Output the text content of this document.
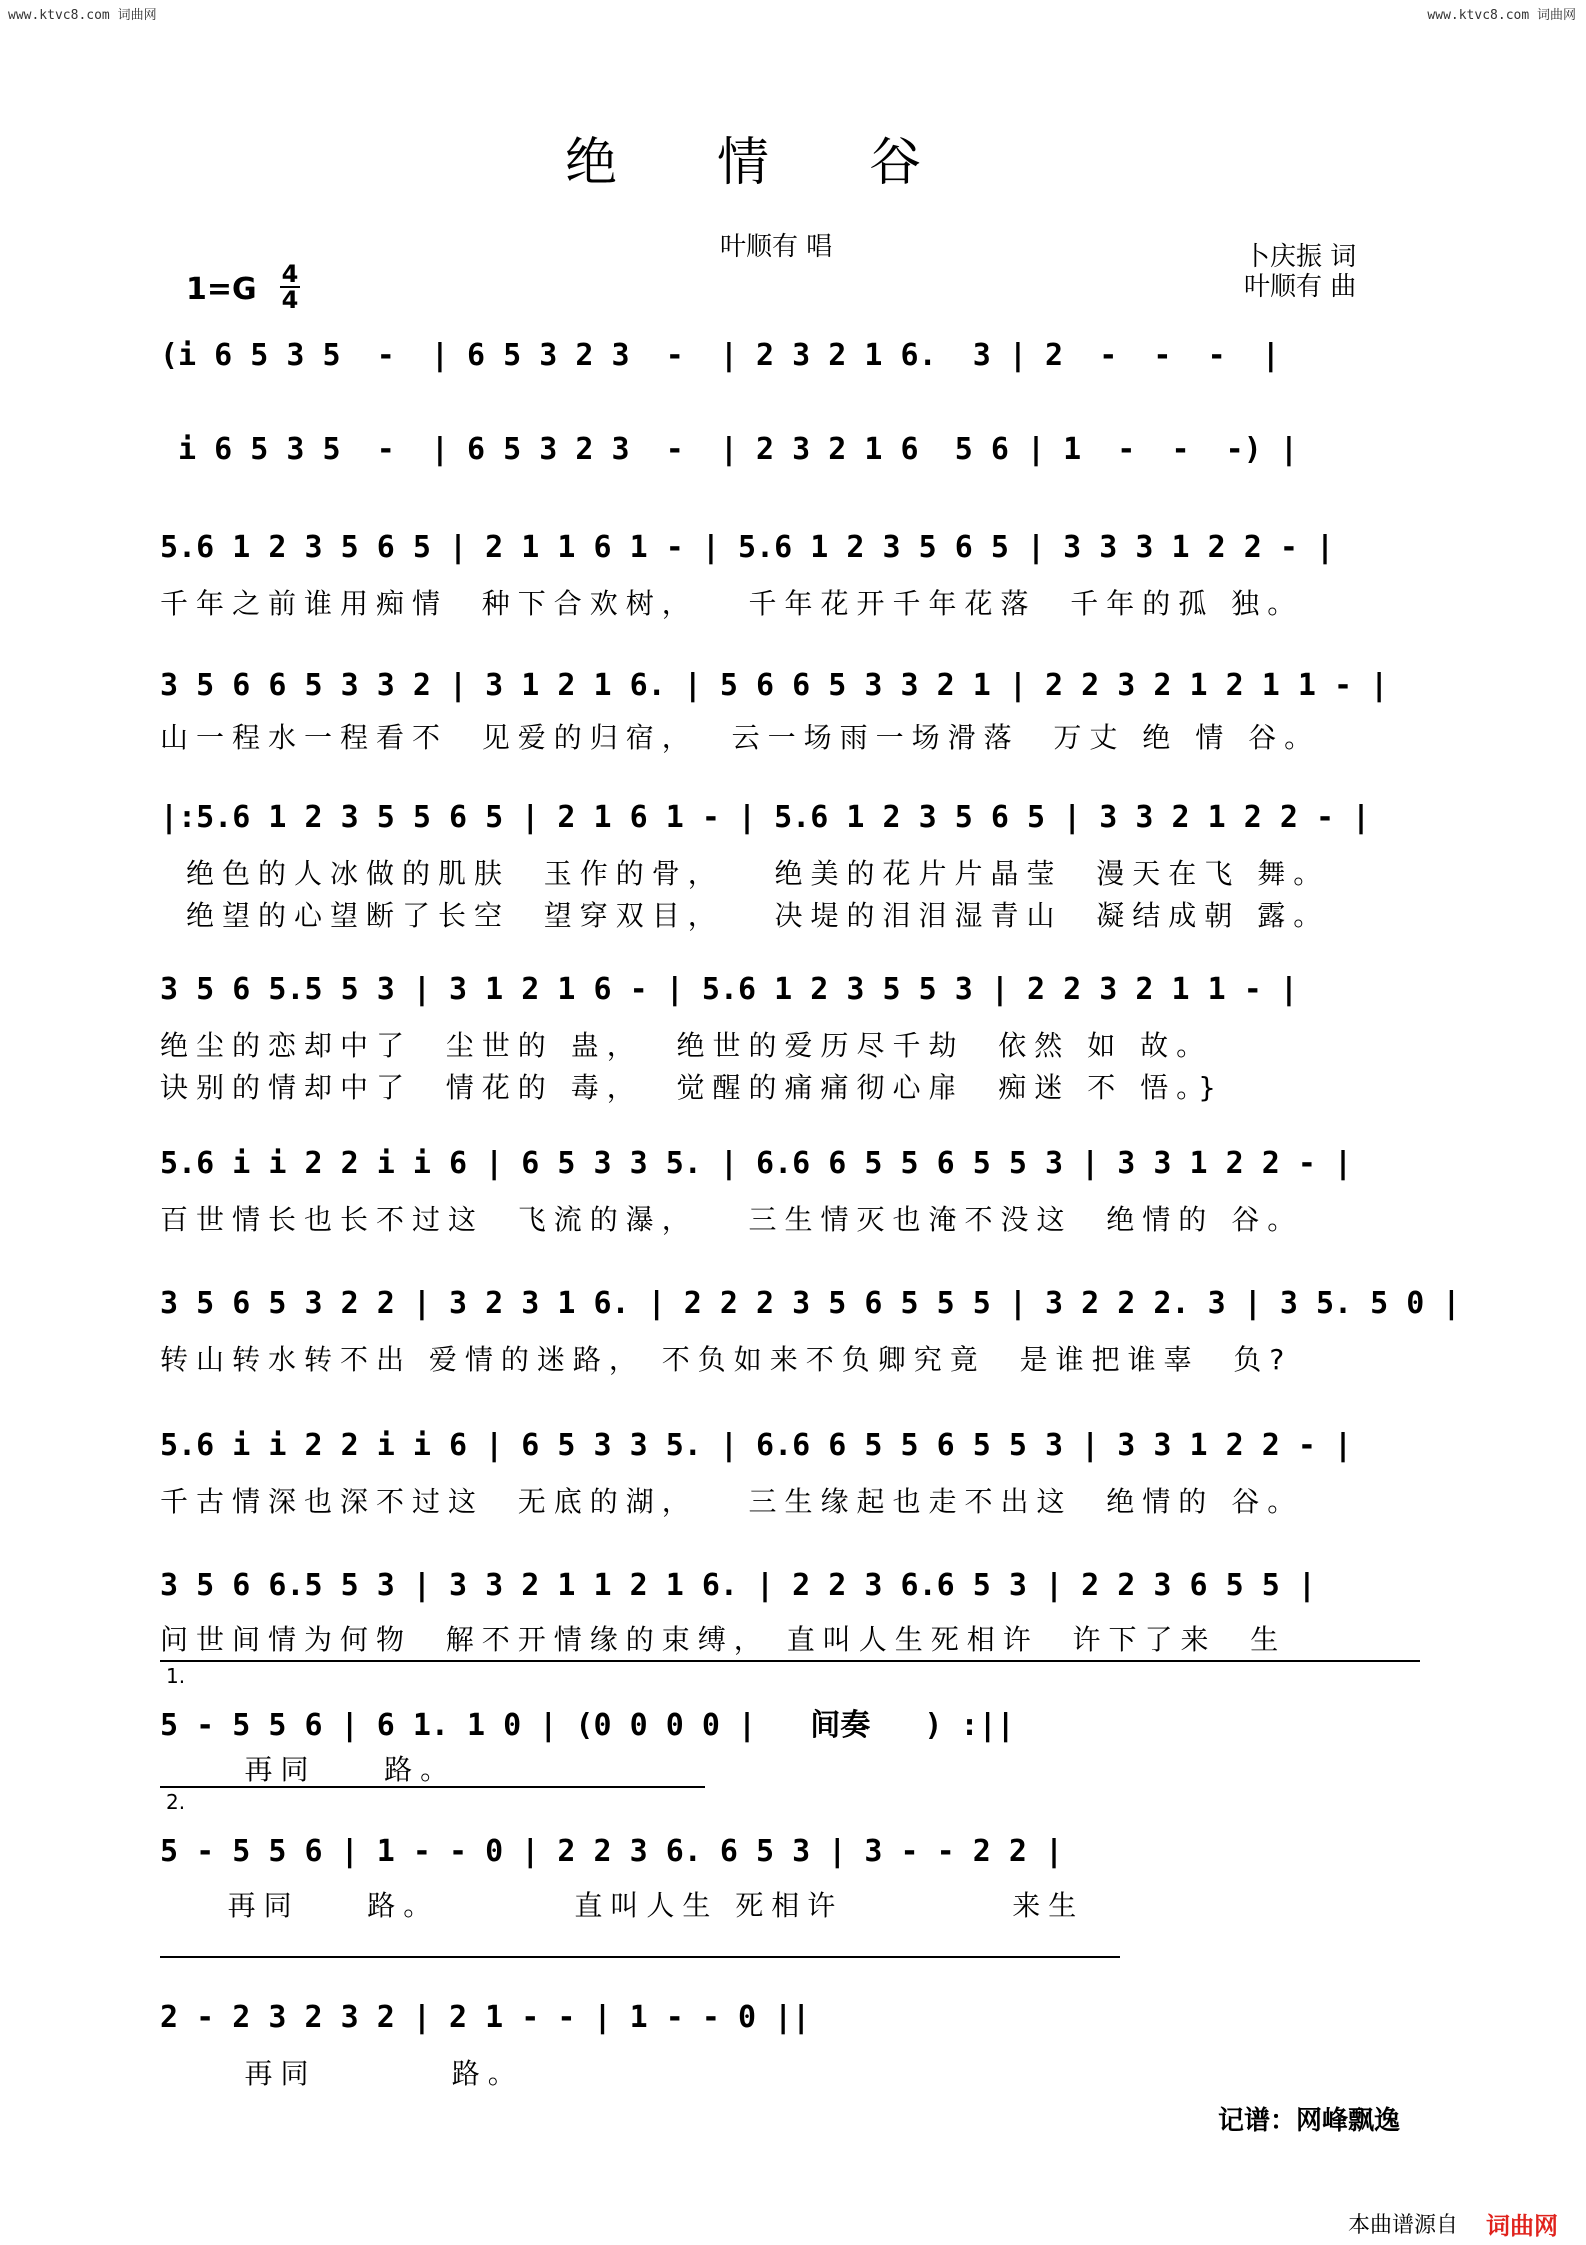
www.ktvc8.com 词曲网	www.ktvc8.com 词曲网
绝情谷
叶顺有 唱	卜庆振 词
叶顺有 曲
1=G 4
4
(i 6 5 3 5  -  | 6 5 3 2 3  -  | 2 3 2 1 6.  3 | 2  -  -  -  |
i 6 5 3 5  -  | 6 5 3 2 3  -  | 2 3 2 1 6  5 6 | 1  -  -  -) |
5.6 1 2 3 5 6 5 | 2 1 1 6 1 - | 5.6 1 2 3 5 6 5 | 3 3 3 1 2 2 - |
千年之前谁用痴情  种下合欢树，   千年花开千年花落  千年的孤 独。
3 5 6 6 5 3 3 2 | 3 1 2 1 6. | 5 6 6 5 3 3 2 1 | 2 2 3 2 1 2 1 1 - |
山一程水一程看不  见爱的归宿，  云一场雨一场滑落  万丈 绝 情 谷。
|:5.6 1 2 3 5 5 6 5 | 2 1 6 1 - | 5.6 1 2 3 5 6 5 | 3 3 2 1 2 2 - |
绝色的人冰做的肌肤  玉作的骨，   绝美的花片片晶莹  漫天在飞 舞。
绝望的心望断了长空  望穿双目，   决堤的泪泪湿青山  凝结成朝 露。
3 5 6 5.5 5 3 | 3 1 2 1 6 - | 5.6 1 2 3 5 5 3 | 2 2 3 2 1 1 - |
绝尘的恋却中了  尘世的 蛊，  绝世的爱历尽千劫  依然 如 故。
诀别的情却中了  情花的 毒，  觉醒的痛痛彻心扉  痴迷 不 悟。}
5.6 i i 2 2 i i 6 | 6 5 3 3 5. | 6.6 6 5 5 6 5 5 3 | 3 3 1 2 2 - |
百世情长也长不过这  飞流的瀑，   三生情灭也淹不没这  绝情的 谷。
3 5 6 5 3 2 2 | 3 2 3 1 6. | 2 2 2 3 5 6 5 5 5 | 3 2 2 2. 3 | 3 5. 5 0 |
转山转水转不出 爱情的迷路， 不负如来不负卿究竟  是谁把谁辜  负?
5.6 i i 2 2 i i 6 | 6 5 3 3 5. | 6.6 6 5 5 6 5 5 3 | 3 3 1 2 2 - |
千古情深也深不过这  无底的湖，   三生缘起也走不出这  绝情的 谷。
3 5 6 6.5 5 3 | 3 3 2 1 1 2 1 6. | 2 2 3 6.6 5 3 | 2 2 3 6 5 5 |
问世间情为何物  解不开情缘的束缚， 直叫人生死相许  许下了来  生
1.
5 - 5 5 6 | 6 1. 1 0 | (0 0 0 0 |   间奏   ) :||
再同    路。
2.
5 - 5 5 6 | 1 - - 0 | 2 2 3 6. 6 5 3 | 3 - - 2 2 |
再同    路。        直叫人生 死相许          来生
2 - 2 3 2 3 2 | 2 1 - - | 1 - - 0 ||
再同        路。
记谱：网峰飘逸
本曲谱源自 词曲网
